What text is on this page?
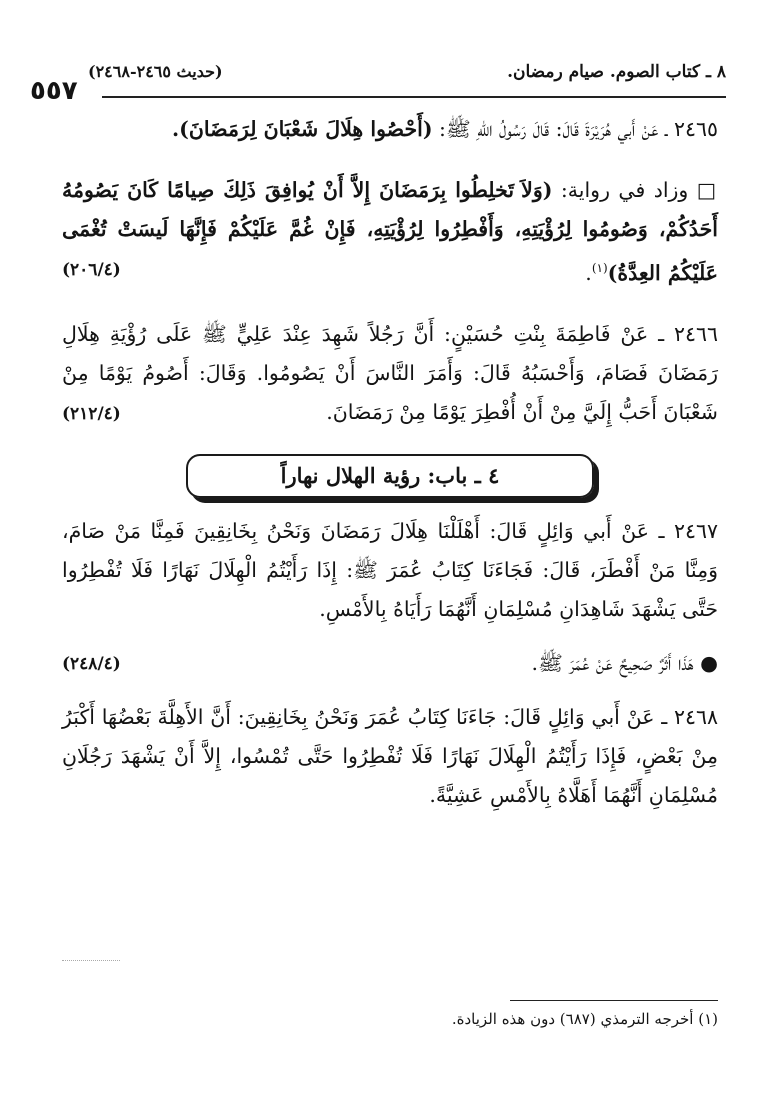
٨ ـ كتاب الصوم. صيام رمضان.
(حديث ٢٤٦٥-٢٤٦٨)
٥٥٧

٢٤٦٥ ـ عَنْ أَبي هُرَيْرَةَ قَالَ: قَالَ رَسُولُ اللهِ ﷺ: (أَحْصُوا هِلَالَ شَعْبَانَ لِرَمَضَانَ).

□ وزاد في رواية: (وَلاَ تَخلِطُوا بِرَمَضَانَ إِلاَّ أَنْ يُوافِقَ ذَلِكَ صِيامًا كَانَ يَصُومُهُ أَحَدُكُمْ، وَصُومُوا لِرُؤْيَتِهِ، وَأَفْطِرُوا لِرُؤْيَتِهِ، فَإِنْ غُمَّ عَلَيْكُمْ فَإِنَّهَا لَيسَتْ تُغْمَى عَلَيْكُمُ العِدَّةُ)$^{(١)}$.
(٢٠٦/٤)

٢٤٦٦ ـ عَنْ فَاطِمَةَ بِنْتِ حُسَيْنٍ: أَنَّ رَجُلاً شَهِدَ عِنْدَ عَلِيٍّ ﷺ عَلَى رُؤْيَةِ هِلَالِ رَمَضَانَ فَصَامَ، وَأَحْسَبُهُ قَالَ: وَأَمَرَ النَّاسَ أَنْ يَصُومُوا. وَقَالَ: أَصُومُ يَوْمًا مِنْ شَعْبَانَ أَحَبُّ إِلَيَّ مِنْ أَنْ أُفْطِرَ يَوْمًا مِنْ رَمَضَانَ.
(٢١٢/٤)

٤ ـ باب: رؤية الهلال نهاراً

٢٤٦٧ ـ عَنْ أَبي وَائِلٍ قَالَ: أَهْلَلْنَا هِلَالَ رَمَضَانَ وَنَحْنُ بِخَانِقِينَ فَمِنَّا مَنْ صَامَ، وَمِنَّا مَنْ أَفْطَرَ، قَالَ: فَجَاءَنَا كِتَابُ عُمَرَ ﷺ: إِذَا رَأَيْتُمُ الْهِلَالَ نَهَارًا فَلَا تُفْطِرُوا حَتَّى يَشْهَدَ شَاهِدَانِ مُسْلِمَانِ أَنَّهُمَا رَأَيَاهُ بِالأَمْسِ.

● هَذَا أَثَرٌ صَحِيحٌ عَنْ عُمَرَ ﷺ.
(٢٤٨/٤)

٢٤٦٨ ـ عَنْ أَبي وَائِلٍ قَالَ: جَاءَنَا كِتَابُ عُمَرَ وَنَحْنُ بِخَانِقِينَ: أَنَّ الأَهِلَّةَ بَعْضُهَا أَكْبَرُ مِنْ بَعْضٍ، فَإِذَا رَأَيْتُمُ الْهِلَالَ نَهَارًا فَلَا تُفْطِرُوا حَتَّى تُمْسُوا، إِلاَّ أَنْ يَشْهَدَ رَجُلَانِ مُسْلِمَانِ أَنَّهُمَا أَهَلَّاهُ بِالأَمْسِ عَشِيَّةً.

(١) أخرجه الترمذي (٦٨٧) دون هذه الزيادة.
